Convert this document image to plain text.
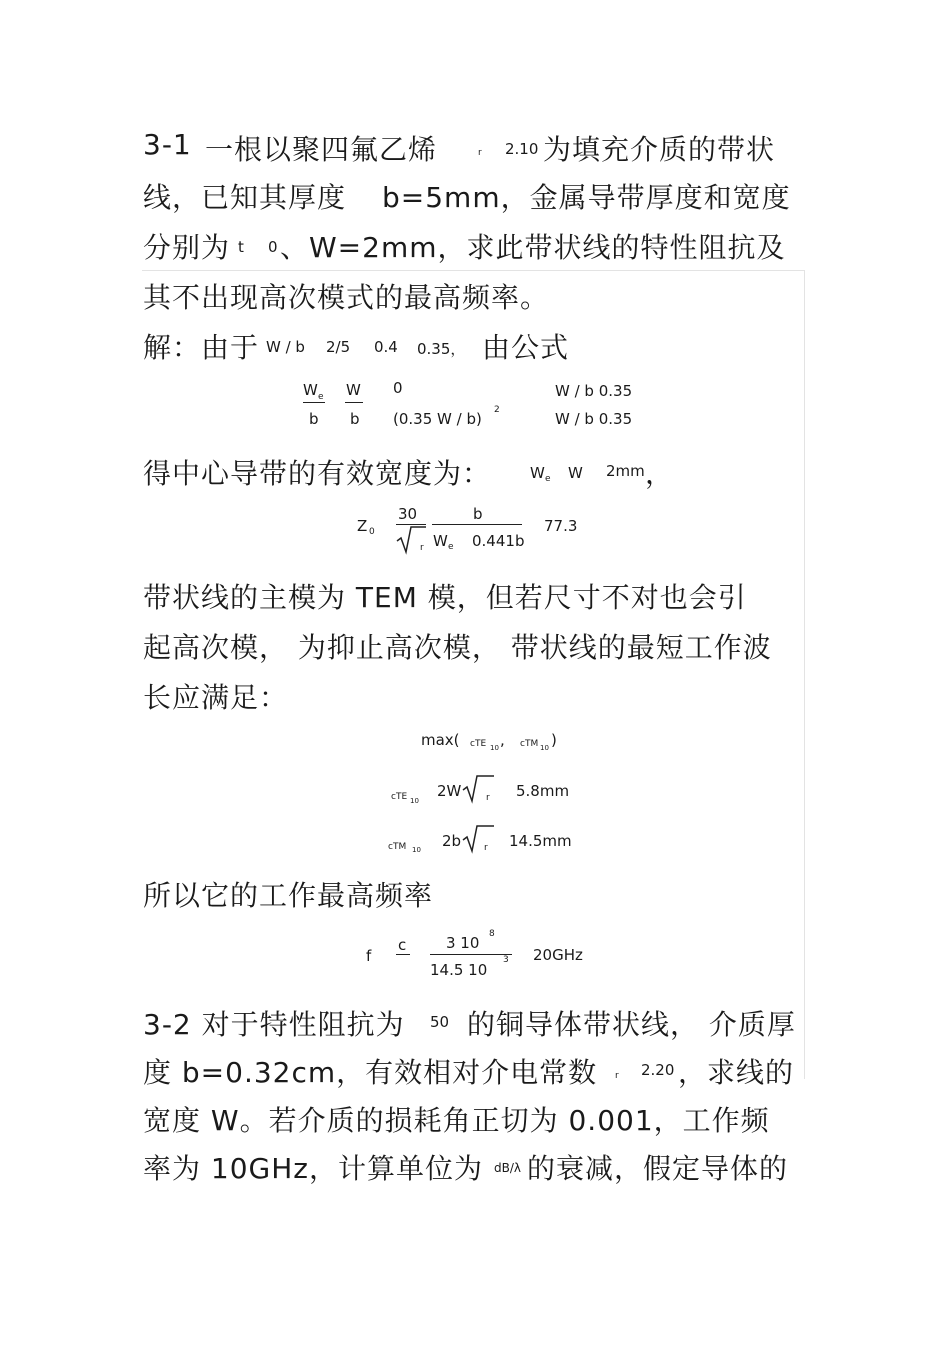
3-1 一根以聚四氟乙烯	r 2.10 为填充介质的带状
线，已知其厚度 b=5mm，金属导带厚度和宽度
分别为 t 0 、W=2mm，求此带状线的特性阻抗及
其不出现高次模式的最高频率。
解：由于 W / b 2/5 0.4 0.35， 由公式
W e
b
W
b
0
(0.35 W / b) 2
W / b 0.35
W / b 0.35
得中心导带的有效宽度为：	W e W 2mm ，
Z 0
30
r
b
W e 0.441b
77.3
带状线的主模为 TEM 模，但若尺寸不对也会引
起高次模， 为抑止高次模， 带状线的最短工作波
长应满足：
max( cTE 10 , cTM 10 )
cTE 10
2W	r 5.8mm
cTM 10 2b	r 14.5mm
所以它的工作最高频率
f
c	3 10 8
14.5 10
3 20GHz
3-2 对于特性阻抗为 50 的铜导体带状线， 介质厚
度 b=0.32cm，有效相对介电常数 r 2.20 ，求线的
宽度 W。若介质的损耗角正切为 0.001，工作频
率为 10GHz，计算单位为 dB/λ 的衰减，假定导体的
